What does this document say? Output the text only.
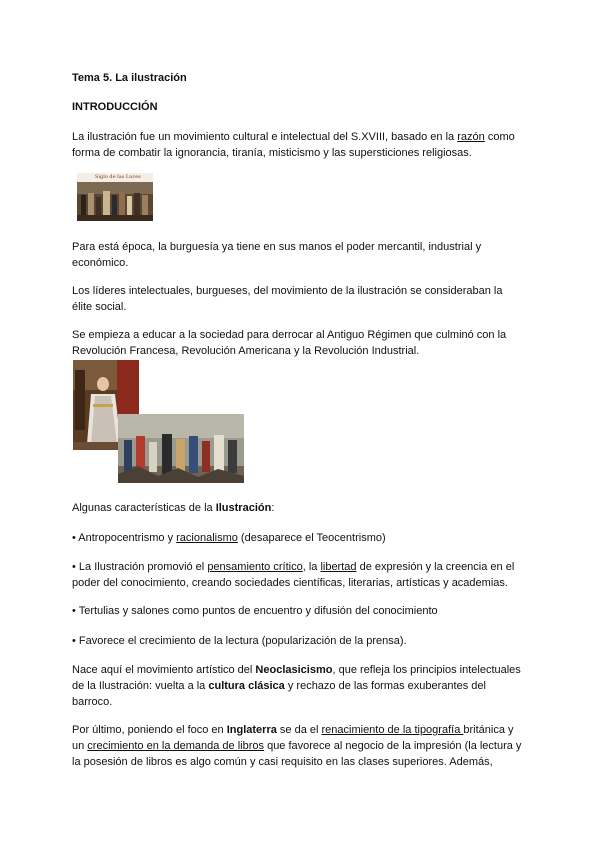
Tema 5. La ilustración

INTRODUCCIÓN

La ilustración fue un movimiento cultural e intelectual del S.XVIII, basado en la razón como

forma de combatir la ignorancia, tiranía, misticismo y las supersticiones religiosas.

Siglo de las Luces

Para está época, la burguesía ya tiene en sus manos el poder mercantil, industrial y

económico.

Los líderes intelectuales, burgueses, del movimiento de la ilustración se consideraban la

élite social.

Se empieza a educar a la sociedad para derrocar al Antiguo Régimen que culminó con la

Revolución Francesa, Revolución Americana y la Revolución Industrial.

Algunas características de la Ilustración:

• Antropocentrismo y racionalismo (desaparece el Teocentrismo)

• La Ilustración promovió el pensamiento crítico, la libertad de expresión y la creencia en el

poder del conocimiento, creando sociedades científicas, literarias, artísticas y academias.

• Tertulias y salones como puntos de encuentro y difusión del conocimiento

• Favorece el crecimiento de la lectura (popularización de la prensa).

Nace aquí el movimiento artístico del Neoclasicismo, que refleja los principios intelectuales

de la Ilustración: vuelta a la cultura clásica y rechazo de las formas exuberantes del

barroco.

Por último, poniendo el foco en Inglaterra se da el renacimiento de la tipografía británica y

un crecimiento en la demanda de libros que favorece al negocio de la impresión (la lectura y

la posesión de libros es algo común y casi requisito en las clases superiores. Además,
